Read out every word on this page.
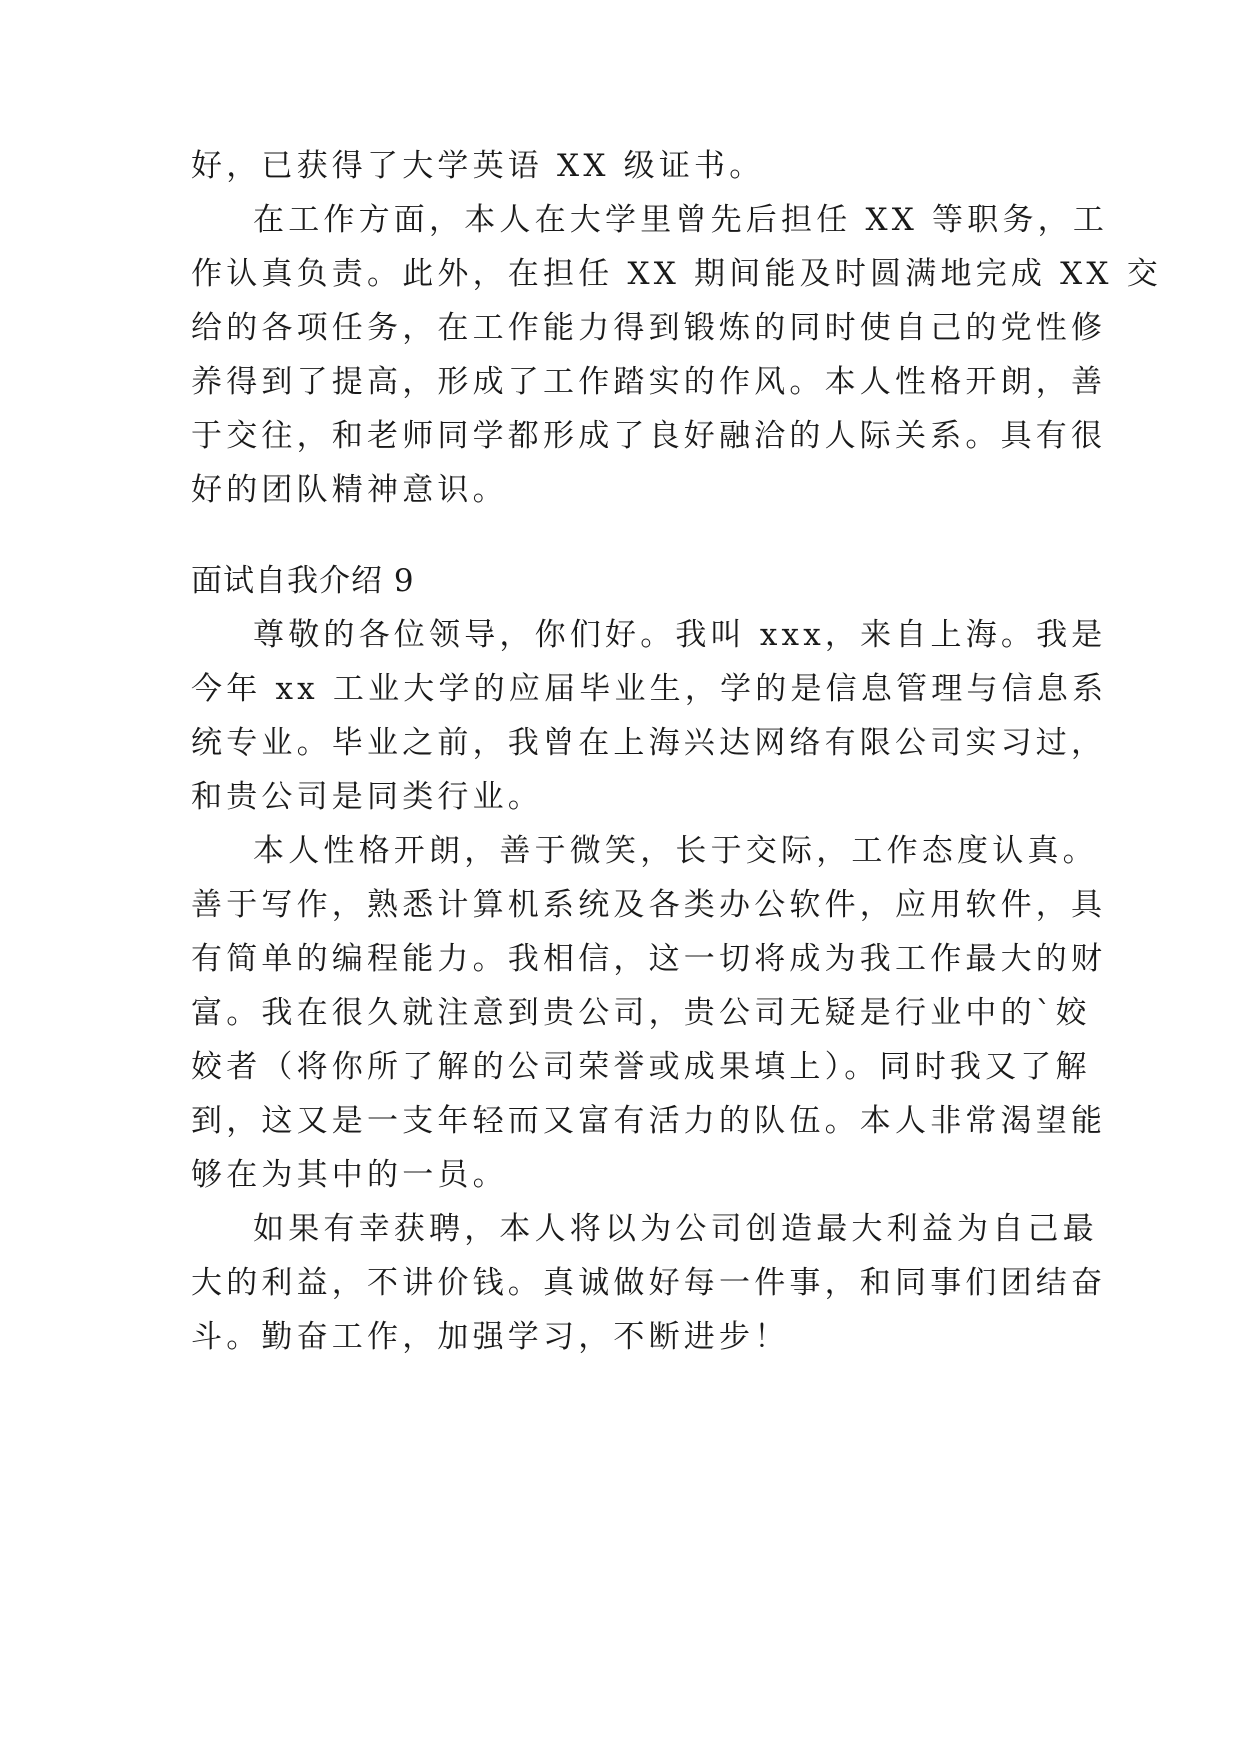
好，已获得了大学英语 XX 级证书。
在工作方面，本人在大学里曾先后担任 XX 等职务，工
作认真负责。此外，在担任 XX 期间能及时圆满地完成 XX 交
给的各项任务，在工作能力得到锻炼的同时使自己的党性修
养得到了提高，形成了工作踏实的作风。本人性格开朗，善
于交往，和老师同学都形成了良好融洽的人际关系。具有很
好的团队精神意识。
面试自我介绍 9
尊敬的各位领导，你们好。我叫 xxx，来自上海。我是
今年 xx 工业大学的应届毕业生，学的是信息管理与信息系
统专业。毕业之前，我曾在上海兴达网络有限公司实习过，
和贵公司是同类行业。
本人性格开朗，善于微笑，长于交际，工作态度认真。
善于写作，熟悉计算机系统及各类办公软件，应用软件，具
有简单的编程能力。我相信，这一切将成为我工作最大的财
富。我在很久就注意到贵公司，贵公司无疑是行业中的`姣
姣者（将你所了解的公司荣誉或成果填上）。同时我又了解
到，这又是一支年轻而又富有活力的队伍。本人非常渴望能
够在为其中的一员。
如果有幸获聘，本人将以为公司创造最大利益为自己最
大的利益，不讲价钱。真诚做好每一件事，和同事们团结奋
斗。勤奋工作，加强学习，不断进步！
